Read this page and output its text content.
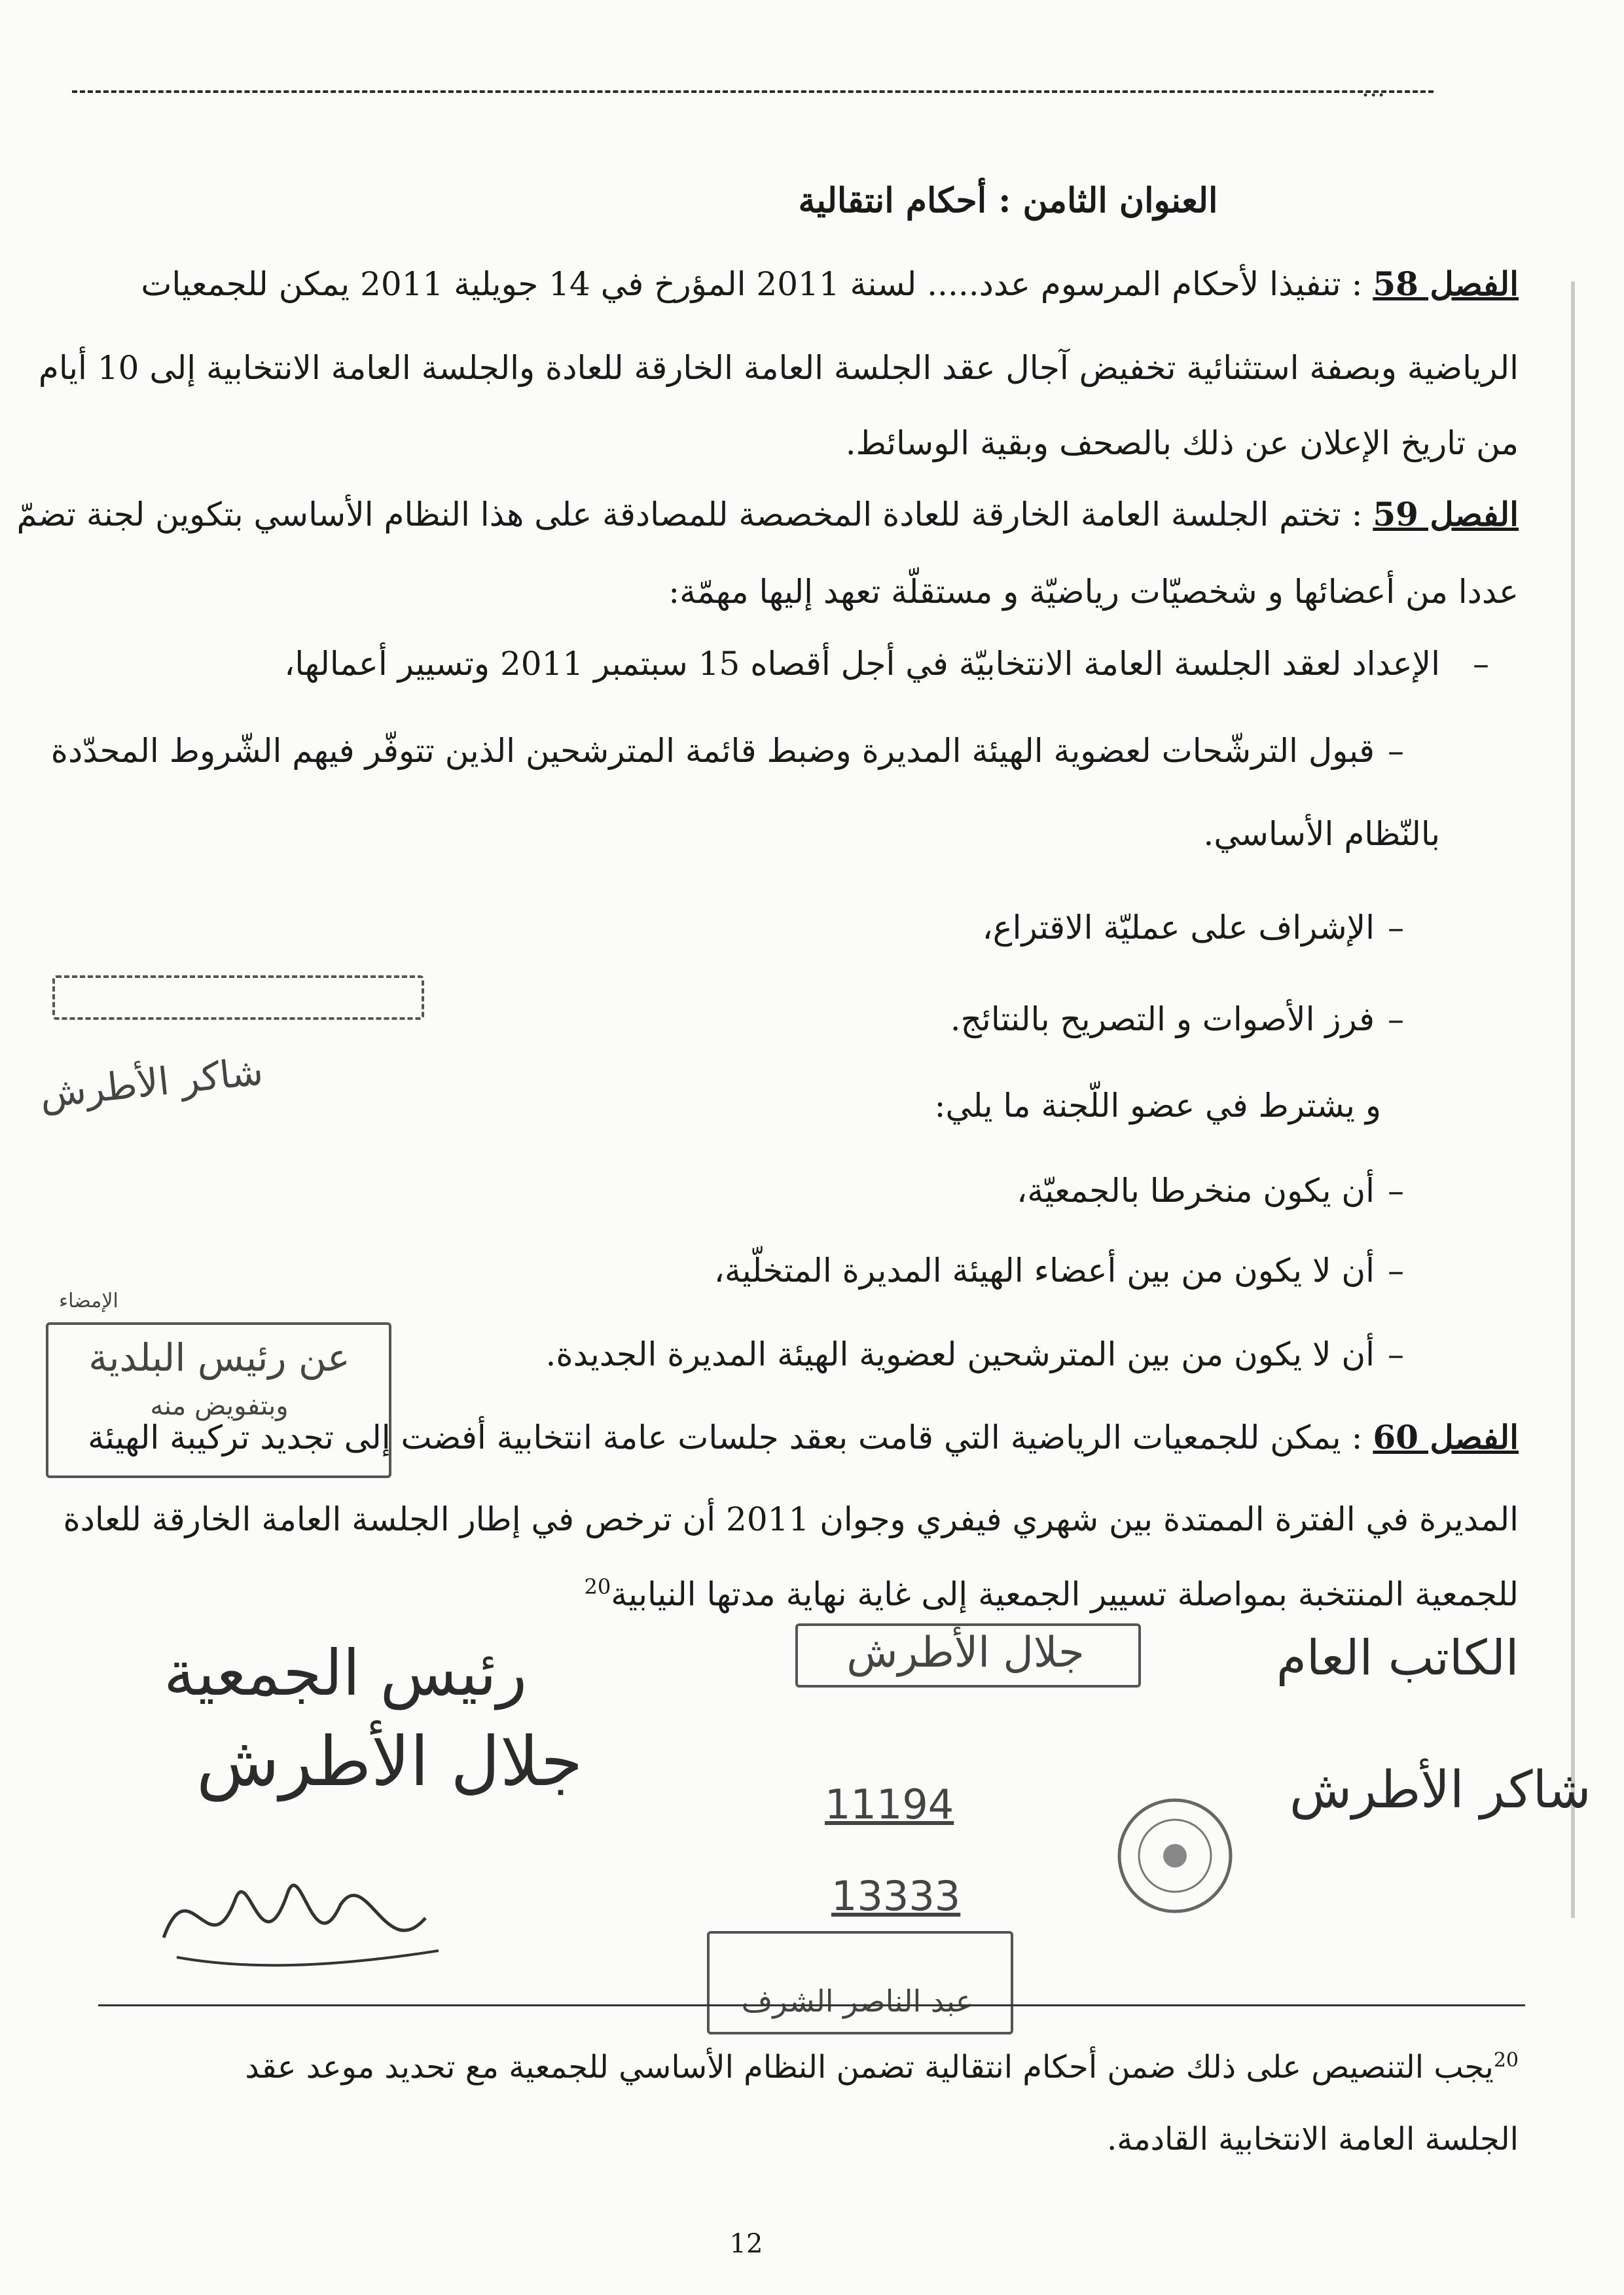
...
العنوان الثامن : أحكام انتقالية
الفصل 58 : تنفيذا لأحكام المرسوم عدد..... لسنة 2011 المؤرخ في 14 جويلية 2011 يمكن للجمعيات
الرياضية وبصفة استثنائية تخفيض آجال عقد الجلسة العامة الخارقة للعادة والجلسة العامة الانتخابية إلى 10 أيام
من تاريخ الإعلان عن ذلك بالصحف وبقية الوسائط.
الفصل 59 : تختم الجلسة العامة الخارقة للعادة المخصصة للمصادقة على هذا النظام الأساسي بتكوين لجنة تضمّ
عددا من أعضائها و شخصيّات رياضيّة و مستقلّة تعهد إليها مهمّة:
–
الإعداد لعقد الجلسة العامة الانتخابيّة في أجل أقصاه 15 سبتمبر 2011 وتسيير أعمالها،
–
قبول الترشّحات لعضوية الهيئة المديرة وضبط قائمة المترشحين الذين تتوفّر فيهم الشّروط المحدّدة
بالنّظام الأساسي.
–
الإشراف على عمليّة الاقتراع،
–
فرز الأصوات و التصريح بالنتائج.
و يشترط في عضو اللّجنة ما يلي:
–
أن يكون منخرطا بالجمعيّة،
–
أن لا يكون من بين أعضاء الهيئة المديرة المتخلّية،
–
أن لا يكون من بين المترشحين لعضوية الهيئة المديرة الجديدة.
الفصل 60 : يمكن للجمعيات الرياضية التي قامت بعقد جلسات عامة انتخابية أفضت إلى تجديد تركيبة الهيئة
المديرة في الفترة الممتدة بين شهري فيفري وجوان 2011 أن ترخص في إطار الجلسة العامة الخارقة للعادة
للجمعية المنتخبة بمواصلة تسيير الجمعية إلى غاية نهاية مدتها النيابية$^{20}$
شاكر الأطرش
الإمضاء
عن رئيس البلدية
وبتفويض منه
رئيس الجمعية
جلال الأطرش
الكاتب العام
شاكر الأطرش
جلال الأطرش
11194
13333
عبد الناصر الشرف
$^{20}$يجب التنصيص على ذلك ضمن أحكام انتقالية تضمن النظام الأساسي للجمعية مع تحديد موعد عقد
الجلسة العامة الانتخابية القادمة.
12
